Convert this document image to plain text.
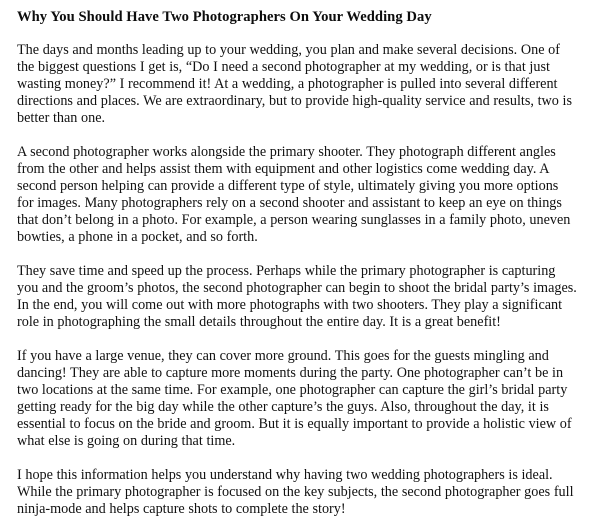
Why You Should Have Two Photographers On Your Wedding Day

The days and months leading up to your wedding, you plan and make several decisions. One of the biggest questions I get is, “Do I need a second photographer at my wedding, or is that just wasting money?” I recommend it! At a wedding, a photographer is pulled into several different directions and places. We are extraordinary, but to provide high-quality service and results, two is better than one.

A second photographer works alongside the primary shooter. They photograph different angles from the other and helps assist them with equipment and other logistics come wedding day. A second person helping can provide a different type of style, ultimately giving you more options for images. Many photographers rely on a second shooter and assistant to keep an eye on things that don’t belong in a photo. For example, a person wearing sunglasses in a family photo, uneven bowties, a phone in a pocket, and so forth.

They save time and speed up the process. Perhaps while the primary photographer is capturing you and the groom’s photos, the second photographer can begin to shoot the bridal party’s images. In the end, you will come out with more photographs with two shooters. They play a significant role in photographing the small details throughout the entire day. It is a great benefit!

If you have a large venue, they can cover more ground. This goes for the guests mingling and dancing! They are able to capture more moments during the party. One photographer can’t be in two locations at the same time. For example, one photographer can capture the girl’s bridal party getting ready for the big day while the other capture’s the guys. Also, throughout the day, it is essential to focus on the bride and groom. But it is equally important to provide a holistic view of what else is going on during that time.

I hope this information helps you understand why having two wedding photographers is ideal. While the primary photographer is focused on the key subjects, the second photographer goes full ninja-mode and helps capture shots to complete the story!
